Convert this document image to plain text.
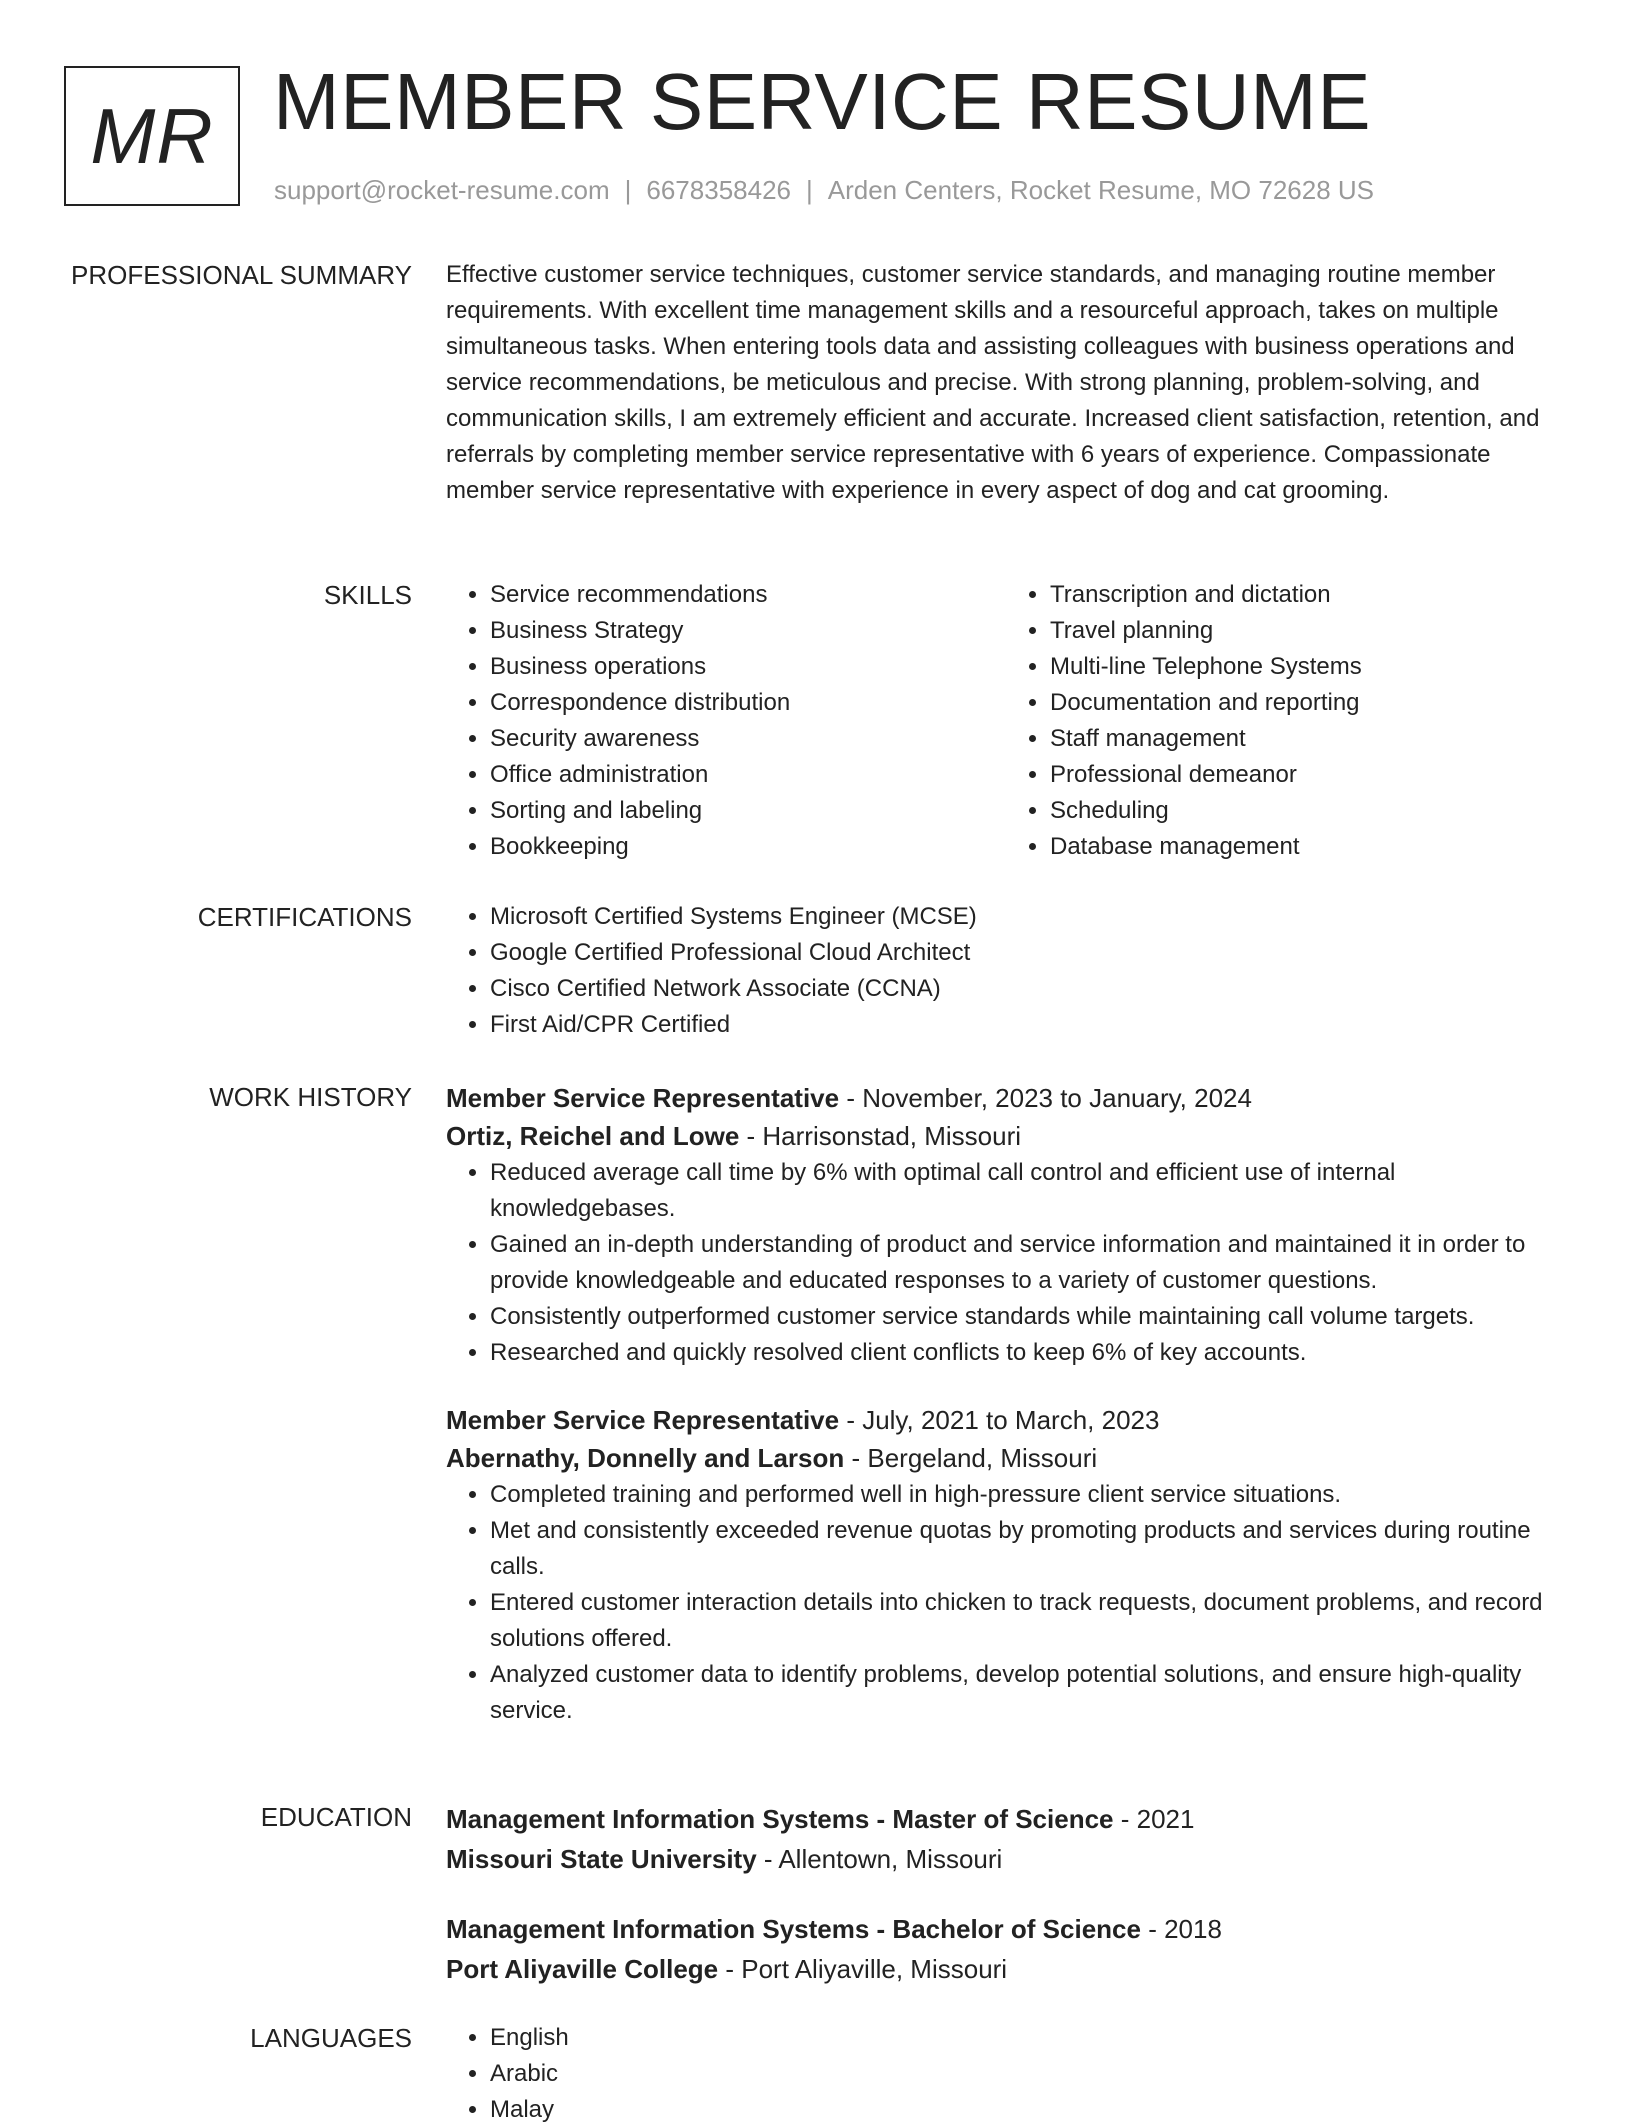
MR MEMBER SERVICE RESUME
support@rocket-resume.com | 6678358426 | Arden Centers, Rocket Resume, MO 72628 US
PROFESSIONAL SUMMARY Effective customer service techniques, customer service standards, and managing routine member requirements. With excellent time management skills and a resourceful approach, takes on multiple simultaneous tasks. When entering tools data and assisting colleagues with business operations and service recommendations, be meticulous and precise. With strong planning, problem-solving, and communication skills, I am extremely efficient and accurate. Increased client satisfaction, retention, and referrals by completing member service representative with 6 years of experience. Compassionate member service representative with experience in every aspect of dog and cat grooming.

SKILLS	• Service recommendations
• Business Strategy
• Business operations
• Correspondence distribution
• Security awareness
• Office administration
• Sorting and labeling
• Bookkeeping
• Transcription and dictation
• Travel planning
• Multi-line Telephone Systems
• Documentation and reporting
• Staff management
• Professional demeanor
• Scheduling
• Database management
CERTIFICATIONS	• Microsoft Certified Systems Engineer (MCSE)
• Google Certified Professional Cloud Architect
• Cisco Certified Network Associate (CCNA)
• First Aid/CPR Certified
WORK HISTORY Member Service Representative - November, 2023 to January, 2024
Ortiz, Reichel and Lowe - Harrisonstad, Missouri
• Reduced average call time by 6% with optimal call control and efficient use of internal knowledgebases.
• Gained an in-depth understanding of product and service information and maintained it in order to provide knowledgeable and educated responses to a variety of customer questions.
• Consistently outperformed customer service standards while maintaining call volume targets.
• Researched and quickly resolved client conflicts to keep 6% of key accounts.
Member Service Representative - July, 2021 to March, 2023
Abernathy, Donnelly and Larson - Bergeland, Missouri
• Completed training and performed well in high-pressure client service situations.
• Met and consistently exceeded revenue quotas by promoting products and services during routine calls.
• Entered customer interaction details into chicken to track requests, document problems, and record solutions offered.
• Analyzed customer data to identify problems, develop potential solutions, and ensure high-quality service.
EDUCATION Management Information Systems - Master of Science - 2021
Missouri State University - Allentown, Missouri
Management Information Systems - Bachelor of Science - 2018
Port Aliyaville College - Port Aliyaville, Missouri
LANGUAGES	• English
• Arabic
• Malay
